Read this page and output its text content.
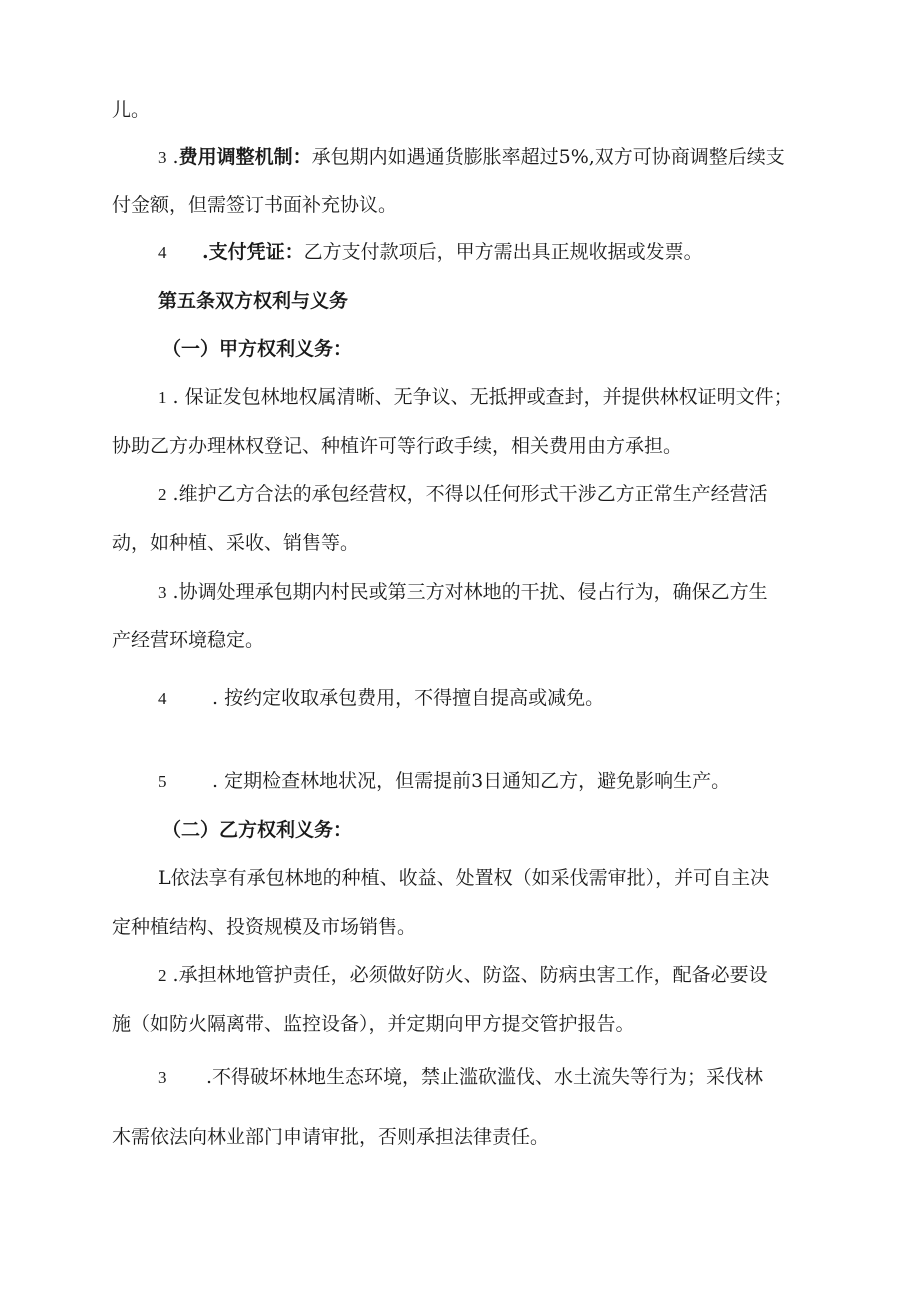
儿。
3 .费用调整机制：承包期内如遇通货膨胀率超过5%,双方可协商调整后续支
付金额，但需签订书面补充协议。
4 .支付凭证：乙方支付款项后，甲方需出具正规收据或发票。
第五条双方权利与义务
（一）甲方权利义务：
1 . 保证发包林地权属清晰、无争议、无抵押或查封，并提供林权证明文件；
协助乙方办理林权登记、种植许可等行政手续，相关费用由方承担。
2 .维护乙方合法的承包经营权，不得以任何形式干涉乙方正常生产经营活
动，如种植、采收、销售等。
3 .协调处理承包期内村民或第三方对林地的干扰、侵占行为，确保乙方生
产经营环境稳定。
4 . 按约定收取承包费用，不得擅自提高或减免。
5 . 定期检查林地状况，但需提前3日通知乙方，避免影响生产。
（二）乙方权利义务：
L依法享有承包林地的种植、收益、处置权（如采伐需审批），并可自主决
定种植结构、投资规模及市场销售。
2 .承担林地管护责任，必须做好防火、防盗、防病虫害工作，配备必要设
施（如防火隔离带、监控设备），并定期向甲方提交管护报告。
3 .不得破坏林地生态环境，禁止滥砍滥伐、水土流失等行为；采伐林
木需依法向林业部门申请审批，否则承担法律责任。
